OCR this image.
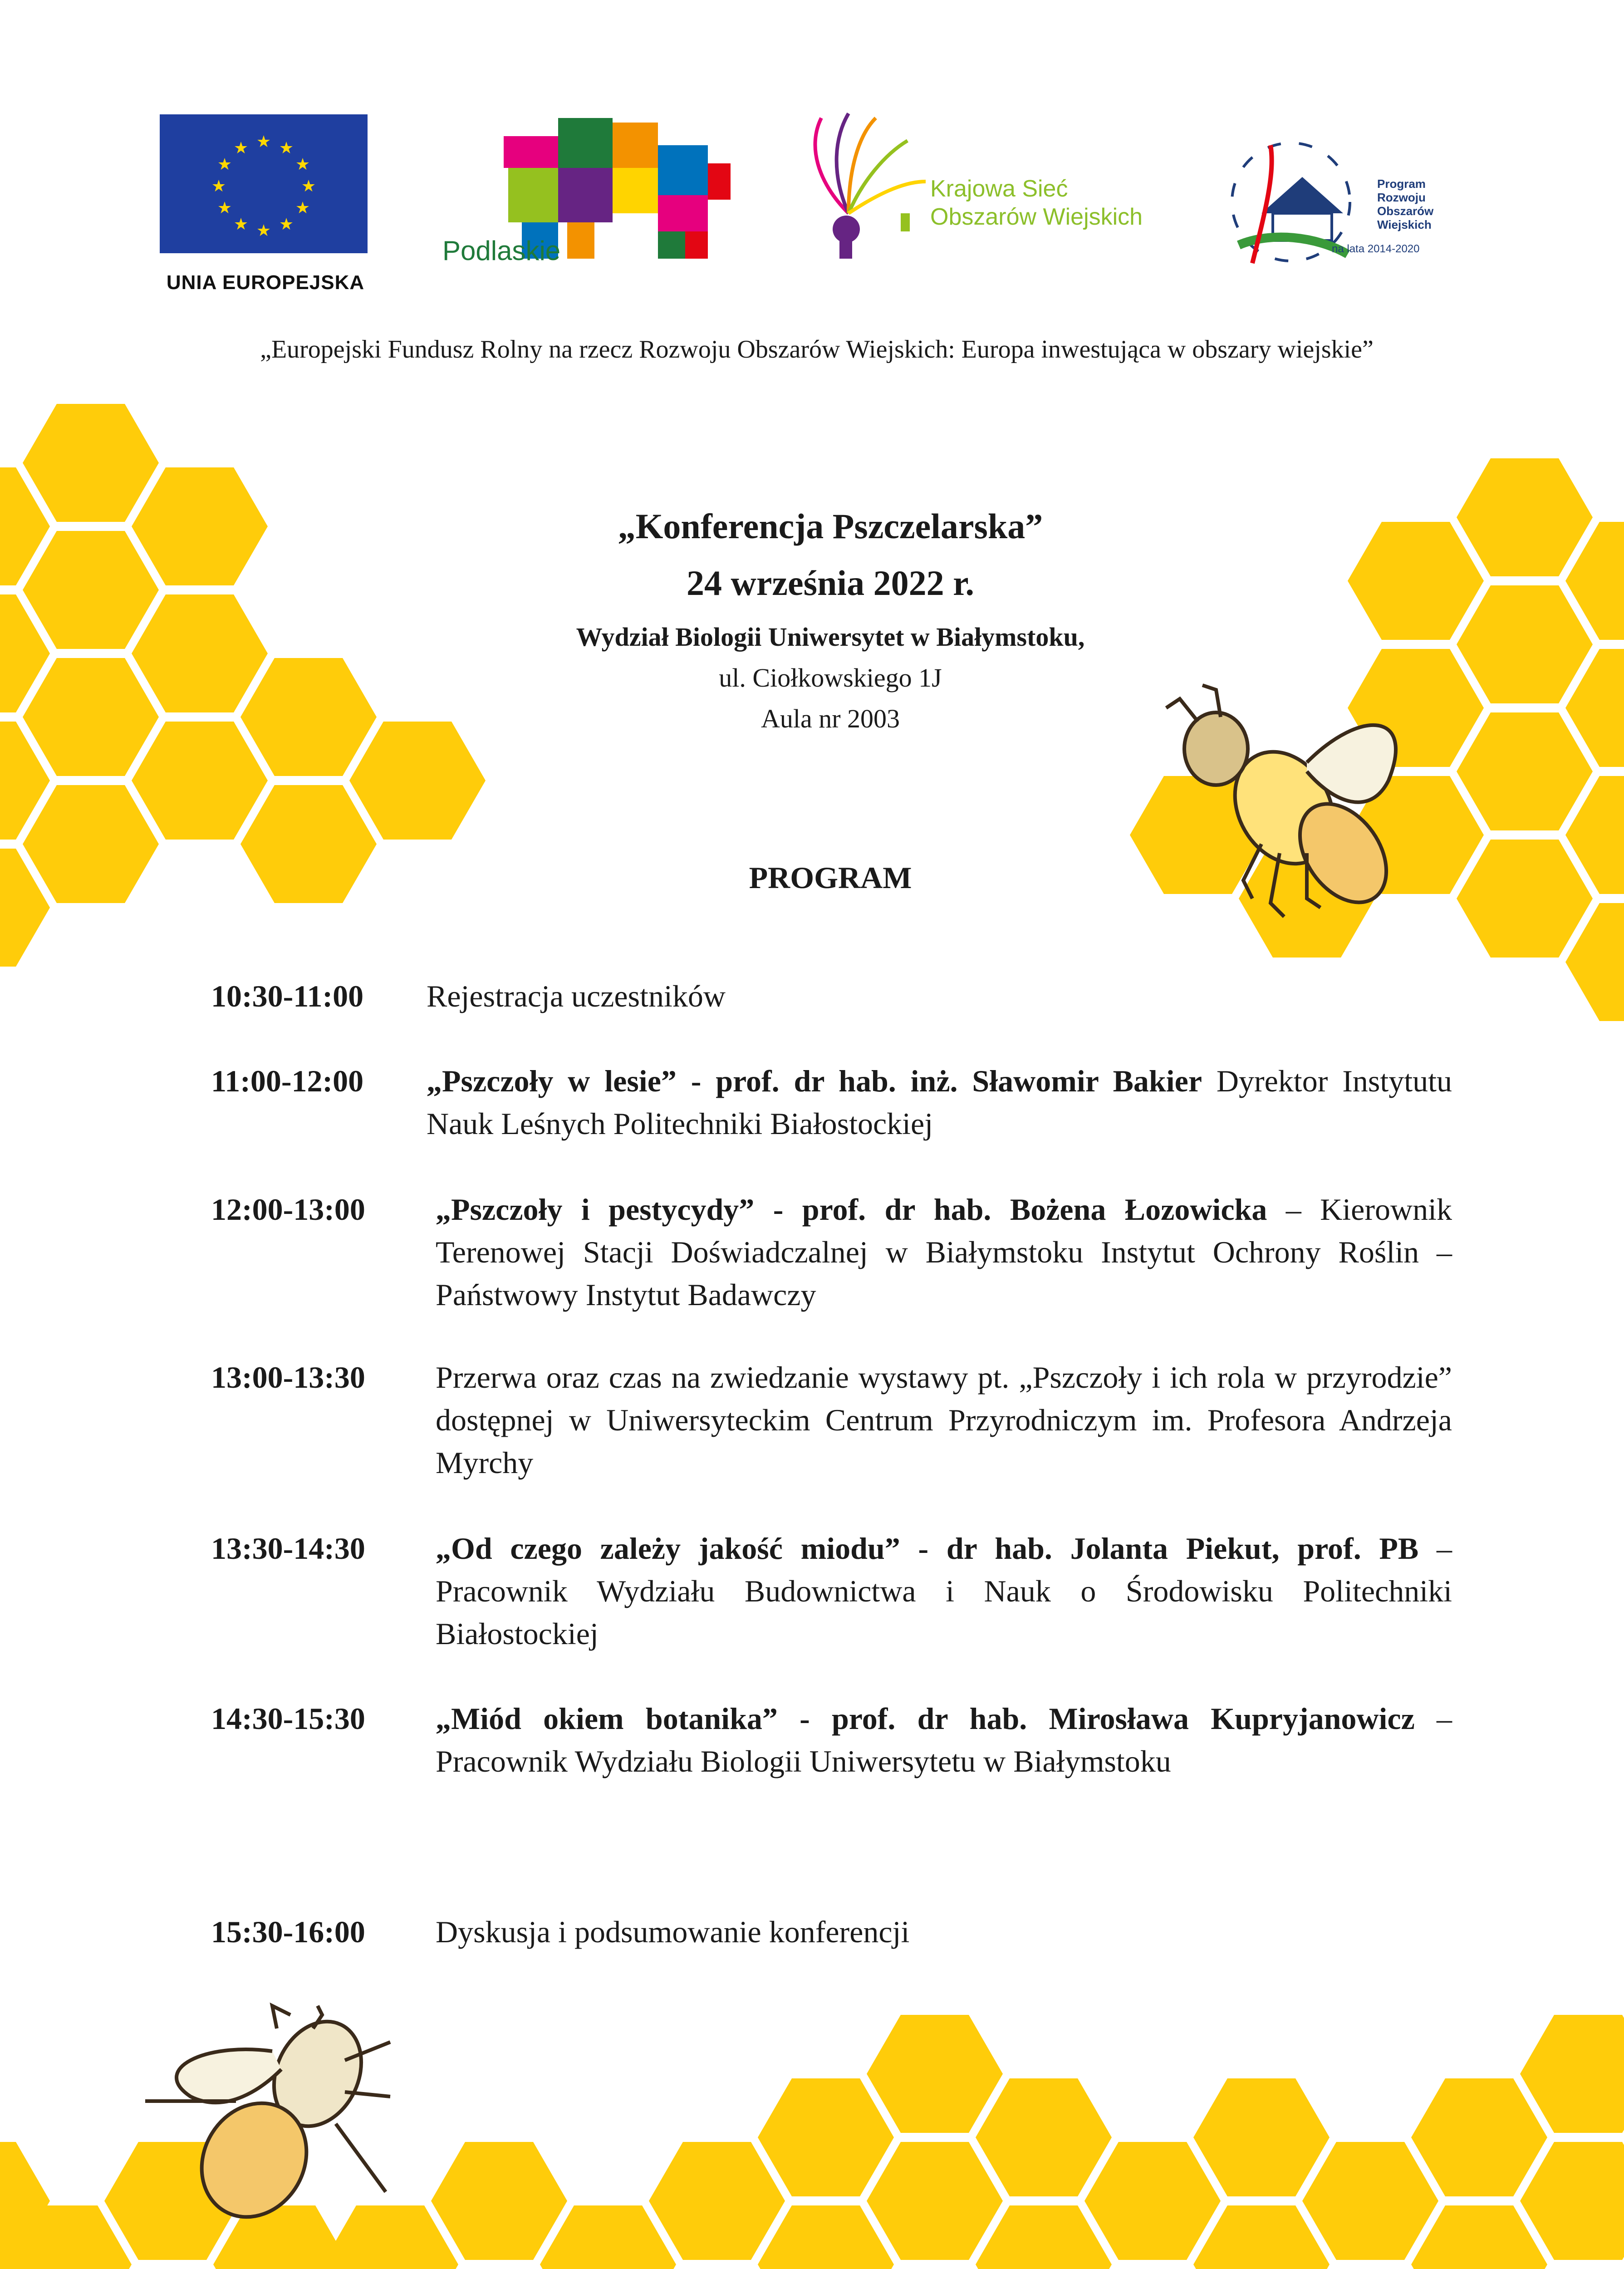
★ ★
★
★
★
★
★
★
★
★
★
★
UNIA EUROPEJSKA
Podlaskie
Krajowa Sieć
Obszarów Wiejskich
Program
Rozwoju
Obszarów
Wiejskich
na lata 2014-2020
„Europejski Fundusz Rolny na rzecz Rozwoju Obszarów Wiejskich: Europa inwestująca w obszary wiejskie”
„Konferencja Pszczelarska”
24 września 2022 r.
Wydział Biologii Uniwersytet w Białymstoku,
ul. Ciołkowskiego 1J
Aula nr 2003
PROGRAM
10:30-11:00 Rejestracja uczestników
11:00-12:00 „Pszczoły w lesie” - prof. dr hab. inż. Sławomir Bakier Dyrektor Instytutu Nauk Leśnych Politechniki Białostockiej
12:00-13:00 „Pszczoły i pestycydy” - prof. dr hab. Bożena Łozowicka – Kierownik Terenowej Stacji Doświadczalnej w Białymstoku Instytut Ochrony Roślin – Państwowy Instytut Badawczy
13:00-13:30 Przerwa oraz czas na zwiedzanie wystawy pt. „Pszczoły i ich rola w przyrodzie” dostępnej w Uniwersyteckim Centrum Przyrodniczym im. Profesora Andrzeja Myrchy
13:30-14:30 „Od czego zależy jakość miodu” - dr hab. Jolanta Piekut, prof. PB – Pracownik Wydziału Budownictwa i Nauk o Środowisku Politechniki Białostockiej
14:30-15:30 „Miód okiem botanika” - prof. dr hab. Mirosława Kupryjanowicz – Pracownik Wydziału Biologii Uniwersytetu w Białymstoku
15:30-16:00 Dyskusja i podsumowanie konferencji
